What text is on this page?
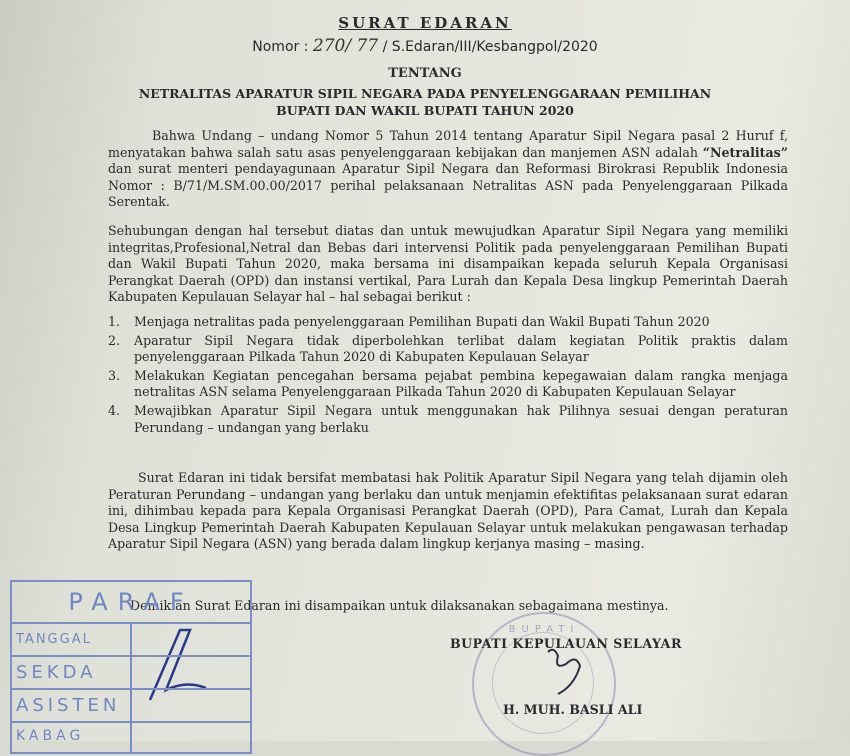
SURAT EDARAN
Nomor : 270/ 77 / S.Edaran/III/Kesbangpol/2020
TENTANG
NETRALITAS APARATUR SIPIL NEGARA PADA PENYELENGGARAAN PEMILIHAN
BUPATI DAN WAKIL BUPATI TAHUN 2020
Bahwa Undang – undang Nomor 5 Tahun 2014 tentang Aparatur Sipil Negara pasal 2 Huruf f, menyatakan bahwa salah satu asas penyelenggaraan kebijakan dan manjemen ASN adalah “Netralitas” dan surat menteri pendayagunaan Aparatur Sipil Negara dan Reformasi Birokrasi Republik Indonesia Nomor : B/71/M.SM.00.00/2017 perihal pelaksanaan Netralitas ASN pada Penyelenggaraan Pilkada Serentak.
Sehubungan dengan hal tersebut diatas dan untuk mewujudkan Aparatur Sipil Negara yang memiliki integritas,Profesional,Netral dan Bebas dari intervensi Politik pada penyelenggaraan Pemilihan Bupati dan Wakil Bupati Tahun 2020, maka bersama ini disampaikan kepada seluruh Kepala Organisasi Perangkat Daerah (OPD) dan instansi vertikal, Para Lurah dan Kepala Desa lingkup Pemerintah Daerah Kabupaten Kepulauan Selayar hal – hal sebagai berikut :
1. Menjaga netralitas pada penyelenggaraan Pemilihan Bupati dan Wakil Bupati Tahun 2020
2. Aparatur Sipil Negara tidak diperbolehkan terlibat dalam kegiatan Politik praktis dalam penyelenggaraan Pilkada Tahun 2020 di Kabupaten Kepulauan Selayar
3. Melakukan Kegiatan pencegahan bersama pejabat pembina kepegawaian dalam rangka menjaga netralitas ASN selama Penyelenggaraan Pilkada Tahun 2020 di Kabupaten Kepulauan Selayar
4. Mewajibkan Aparatur Sipil Negara untuk menggunakan hak Pilihnya sesuai dengan peraturan Perundang – undangan yang berlaku
Surat Edaran ini tidak bersifat membatasi hak Politik Aparatur Sipil Negara yang telah dijamin oleh Peraturan Perundang – undangan yang berlaku dan untuk menjamin efektifitas pelaksanaan surat edaran ini, dihimbau kepada para Kepala Organisasi Perangkat Daerah (OPD), Para Camat, Lurah dan Kepala Desa Lingkup Pemerintah Daerah Kabupaten Kepulauan Selayar untuk melakukan pengawasan terhadap Aparatur Sipil Negara (ASN) yang berada dalam lingkup kerjanya masing – masing.
Demikian Surat Edaran ini disampaikan untuk dilaksanakan sebagaimana mestinya.
BUPATI
BUPATI KEPULAUAN SELAYAR
H. MUH. BASLI ALI
PARAF
TANGGAL
SEKDA
ASISTEN
KABAG
